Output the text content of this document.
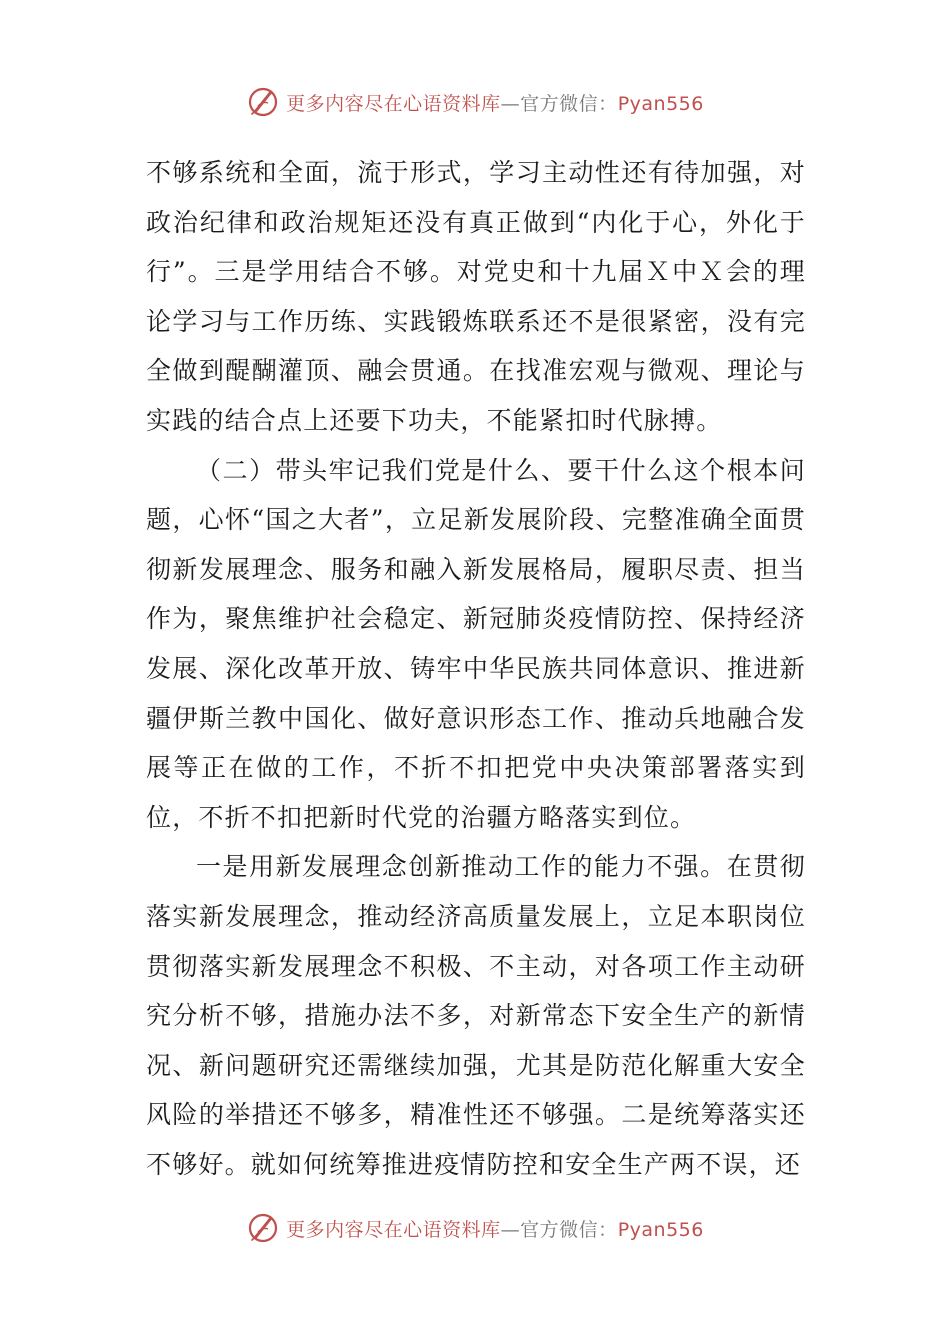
更多内容尽在心语资料库—官方微信：Pyan556

不够系统和全面，流于形式，学习主动性还有待加强，对政治纪律和政治规矩还没有真正做到“内化于心，外化于行”。三是学用结合不够。对党史和十九届Ｘ中Ｘ会的理论学习与工作历练、实践锻炼联系还不是很紧密，没有完全做到醍醐灌顶、融会贯通。在找准宏观与微观、理论与实践的结合点上还要下功夫，不能紧扣时代脉搏。

（二）带头牢记我们党是什么、要干什么这个根本问题，心怀“国之大者”，立足新发展阶段、完整准确全面贯彻新发展理念、服务和融入新发展格局，履职尽责、担当作为，聚焦维护社会稳定、新冠肺炎疫情防控、保持经济发展、深化改革开放、铸牢中华民族共同体意识、推进新疆伊斯兰教中国化、做好意识形态工作、推动兵地融合发展等正在做的工作，不折不扣把党中央决策部署落实到位，不折不扣把新时代党的治疆方略落实到位。

一是用新发展理念创新推动工作的能力不强。在贯彻落实新发展理念，推动经济高质量发展上，立足本职岗位贯彻落实新发展理念不积极、不主动，对各项工作主动研究分析不够，措施办法不多，对新常态下安全生产的新情况、新问题研究还需继续加强，尤其是防范化解重大安全风险的举措还不够多，精准性还不够强。二是统筹落实还不够好。就如何统筹推进疫情防控和安全生产两不误，还

更多内容尽在心语资料库—官方微信：Pyan556
